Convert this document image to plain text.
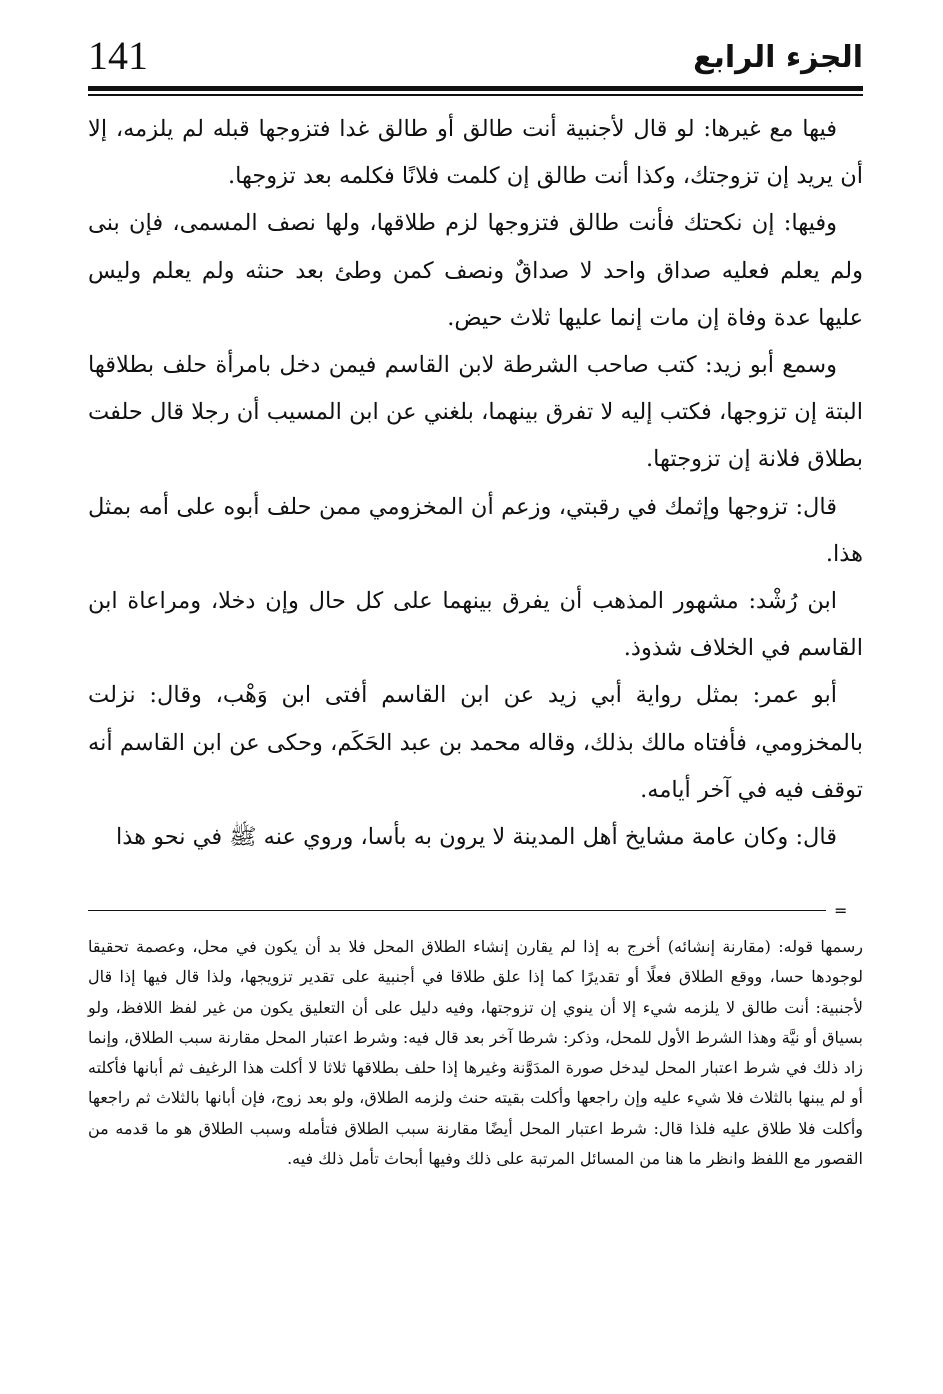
141	الجزء الرابع

فيها مع غيرها: لو قال لأجنبية أنت طالق أو طالق غدا فتزوجها قبله لم يلزمه، إلا أن يريد إن تزوجتك، وكذا أنت طالق إن كلمت فلانًا فكلمه بعد تزوجها.

وفيها: إن نكحتك فأنت طالق فتزوجها لزم طلاقها، ولها نصف المسمى، فإن بنى ولم يعلم فعليه صداق واحد لا صداقٌ ونصف كمن وطئ بعد حنثه ولم يعلم وليس عليها عدة وفاة إن مات إنما عليها ثلاث حيض.

وسمع أبو زيد: كتب صاحب الشرطة لابن القاسم فيمن دخل بامرأة حلف بطلاقها البتة إن تزوجها، فكتب إليه لا تفرق بينهما، بلغني عن ابن المسيب أن رجلا قال حلفت بطلاق فلانة إن تزوجتها.

قال: تزوجها وإثمك في رقبتي، وزعم أن المخزومي ممن حلف أبوه على أمه بمثل هذا.

ابن رُشْد: مشهور المذهب أن يفرق بينهما على كل حال وإن دخلا، ومراعاة ابن القاسم في الخلاف شذوذ.

أبو عمر: بمثل رواية أبي زيد عن ابن القاسم أفتى ابن وَهْب، وقال: نزلت بالمخزومي، فأفتاه مالك بذلك، وقاله محمد بن عبد الحَكَم، وحكى عن ابن القاسم أنه توقف فيه في آخر أيامه.

قال: وكان عامة مشايخ أهل المدينة لا يرون به بأسا، وروي عنه ﷺ في نحو هذا

=

رسمها قوله: (مقارنة إنشائه) أخرج به إذا لم يقارن إنشاء الطلاق المحل فلا بد أن يكون في محل، وعصمة تحقيقا لوجودها حسا، ووقع الطلاق فعلًا أو تقديرًا كما إذا علق طلاقا في أجنبية على تقدير تزويجها، ولذا قال فيها إذا قال لأجنبية: أنت طالق لا يلزمه شيء إلا أن ينوي إن تزوجتها، وفيه دليل على أن التعليق يكون من غير لفظ اللافظ، ولو بسياق أو نيَّة وهذا الشرط الأول للمحل، وذكر: شرطا آخر بعد قال فيه: وشرط اعتبار المحل مقارنة سبب الطلاق، وإنما زاد ذلك في شرط اعتبار المحل ليدخل صورة المدَوَّنة وغيرها إذا حلف بطلاقها ثلاثا لا أكلت هذا الرغيف ثم أبانها فأكلته أو لم يبنها بالثلاث فلا شيء عليه وإن راجعها وأكلت بقيته حنث ولزمه الطلاق، ولو بعد زوج، فإن أبانها بالثلاث ثم راجعها وأكلت فلا طلاق عليه فلذا قال: شرط اعتبار المحل أيضًا مقارنة سبب الطلاق فتأمله وسبب الطلاق هو ما قدمه من القصور مع اللفظ وانظر ما هنا من المسائل المرتبة على ذلك وفيها أبحاث تأمل ذلك فيه.
